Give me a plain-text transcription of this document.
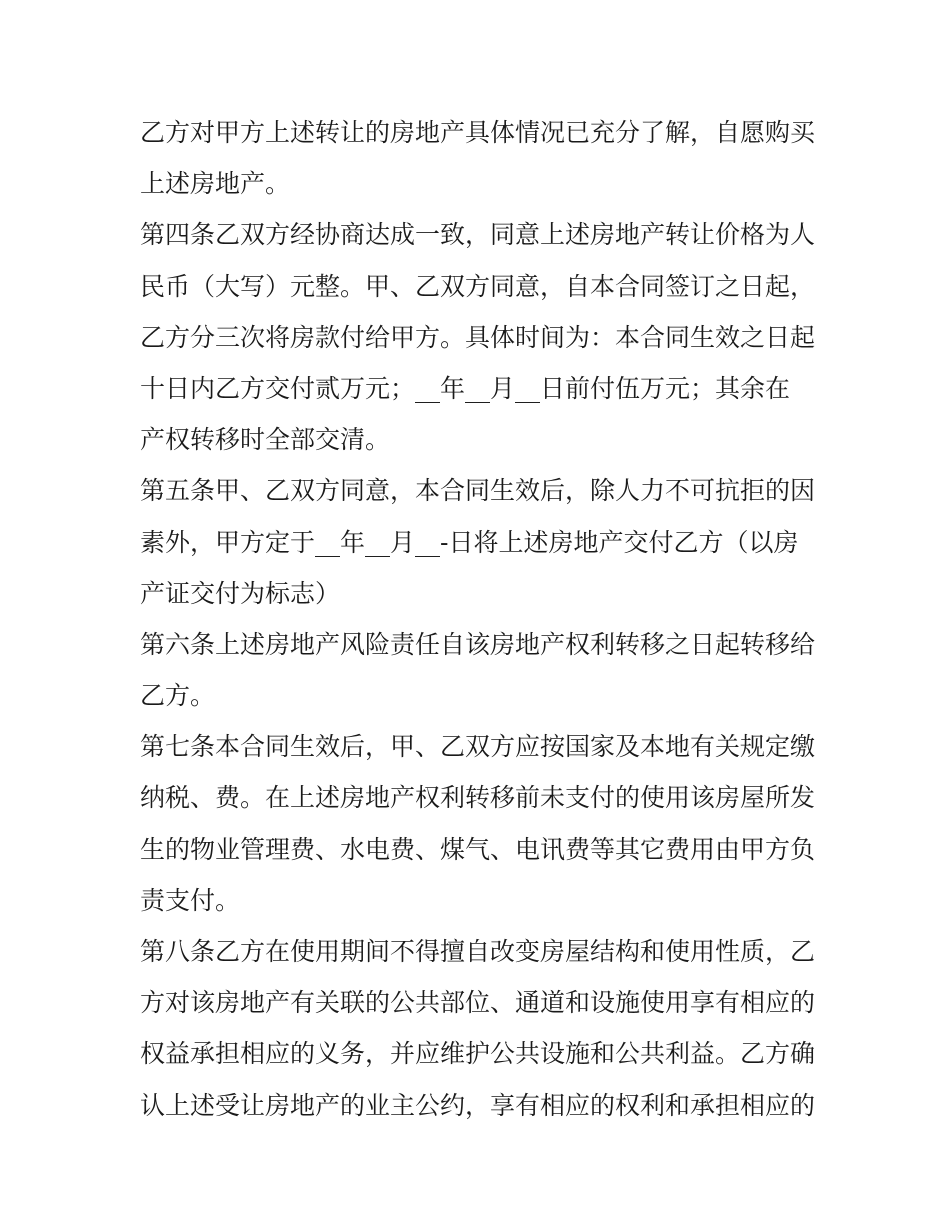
乙方对甲方上述转让的房地产具体情况已充分了解，自愿购买
上述房地产。
第四条乙双方经协商达成一致，同意上述房地产转让价格为人
民币（大写）元整。甲、乙双方同意，自本合同签订之日起，
乙方分三次将房款付给甲方。具体时间为：本合同生效之日起
十日内乙方交付贰万元；__年__月__日前付伍万元；其余在
产权转移时全部交清。
第五条甲、乙双方同意，本合同生效后，除人力不可抗拒的因
素外，甲方定于__年__月__-日将上述房地产交付乙方（以房
产证交付为标志）
第六条上述房地产风险责任自该房地产权利转移之日起转移给
乙方。
第七条本合同生效后，甲、乙双方应按国家及本地有关规定缴
纳税、费。在上述房地产权利转移前未支付的使用该房屋所发
生的物业管理费、水电费、煤气、电讯费等其它费用由甲方负
责支付。
第八条乙方在使用期间不得擅自改变房屋结构和使用性质，乙
方对该房地产有关联的公共部位、通道和设施使用享有相应的
权益承担相应的义务，并应维护公共设施和公共利益。乙方确
认上述受让房地产的业主公约，享有相应的权利和承担相应的
